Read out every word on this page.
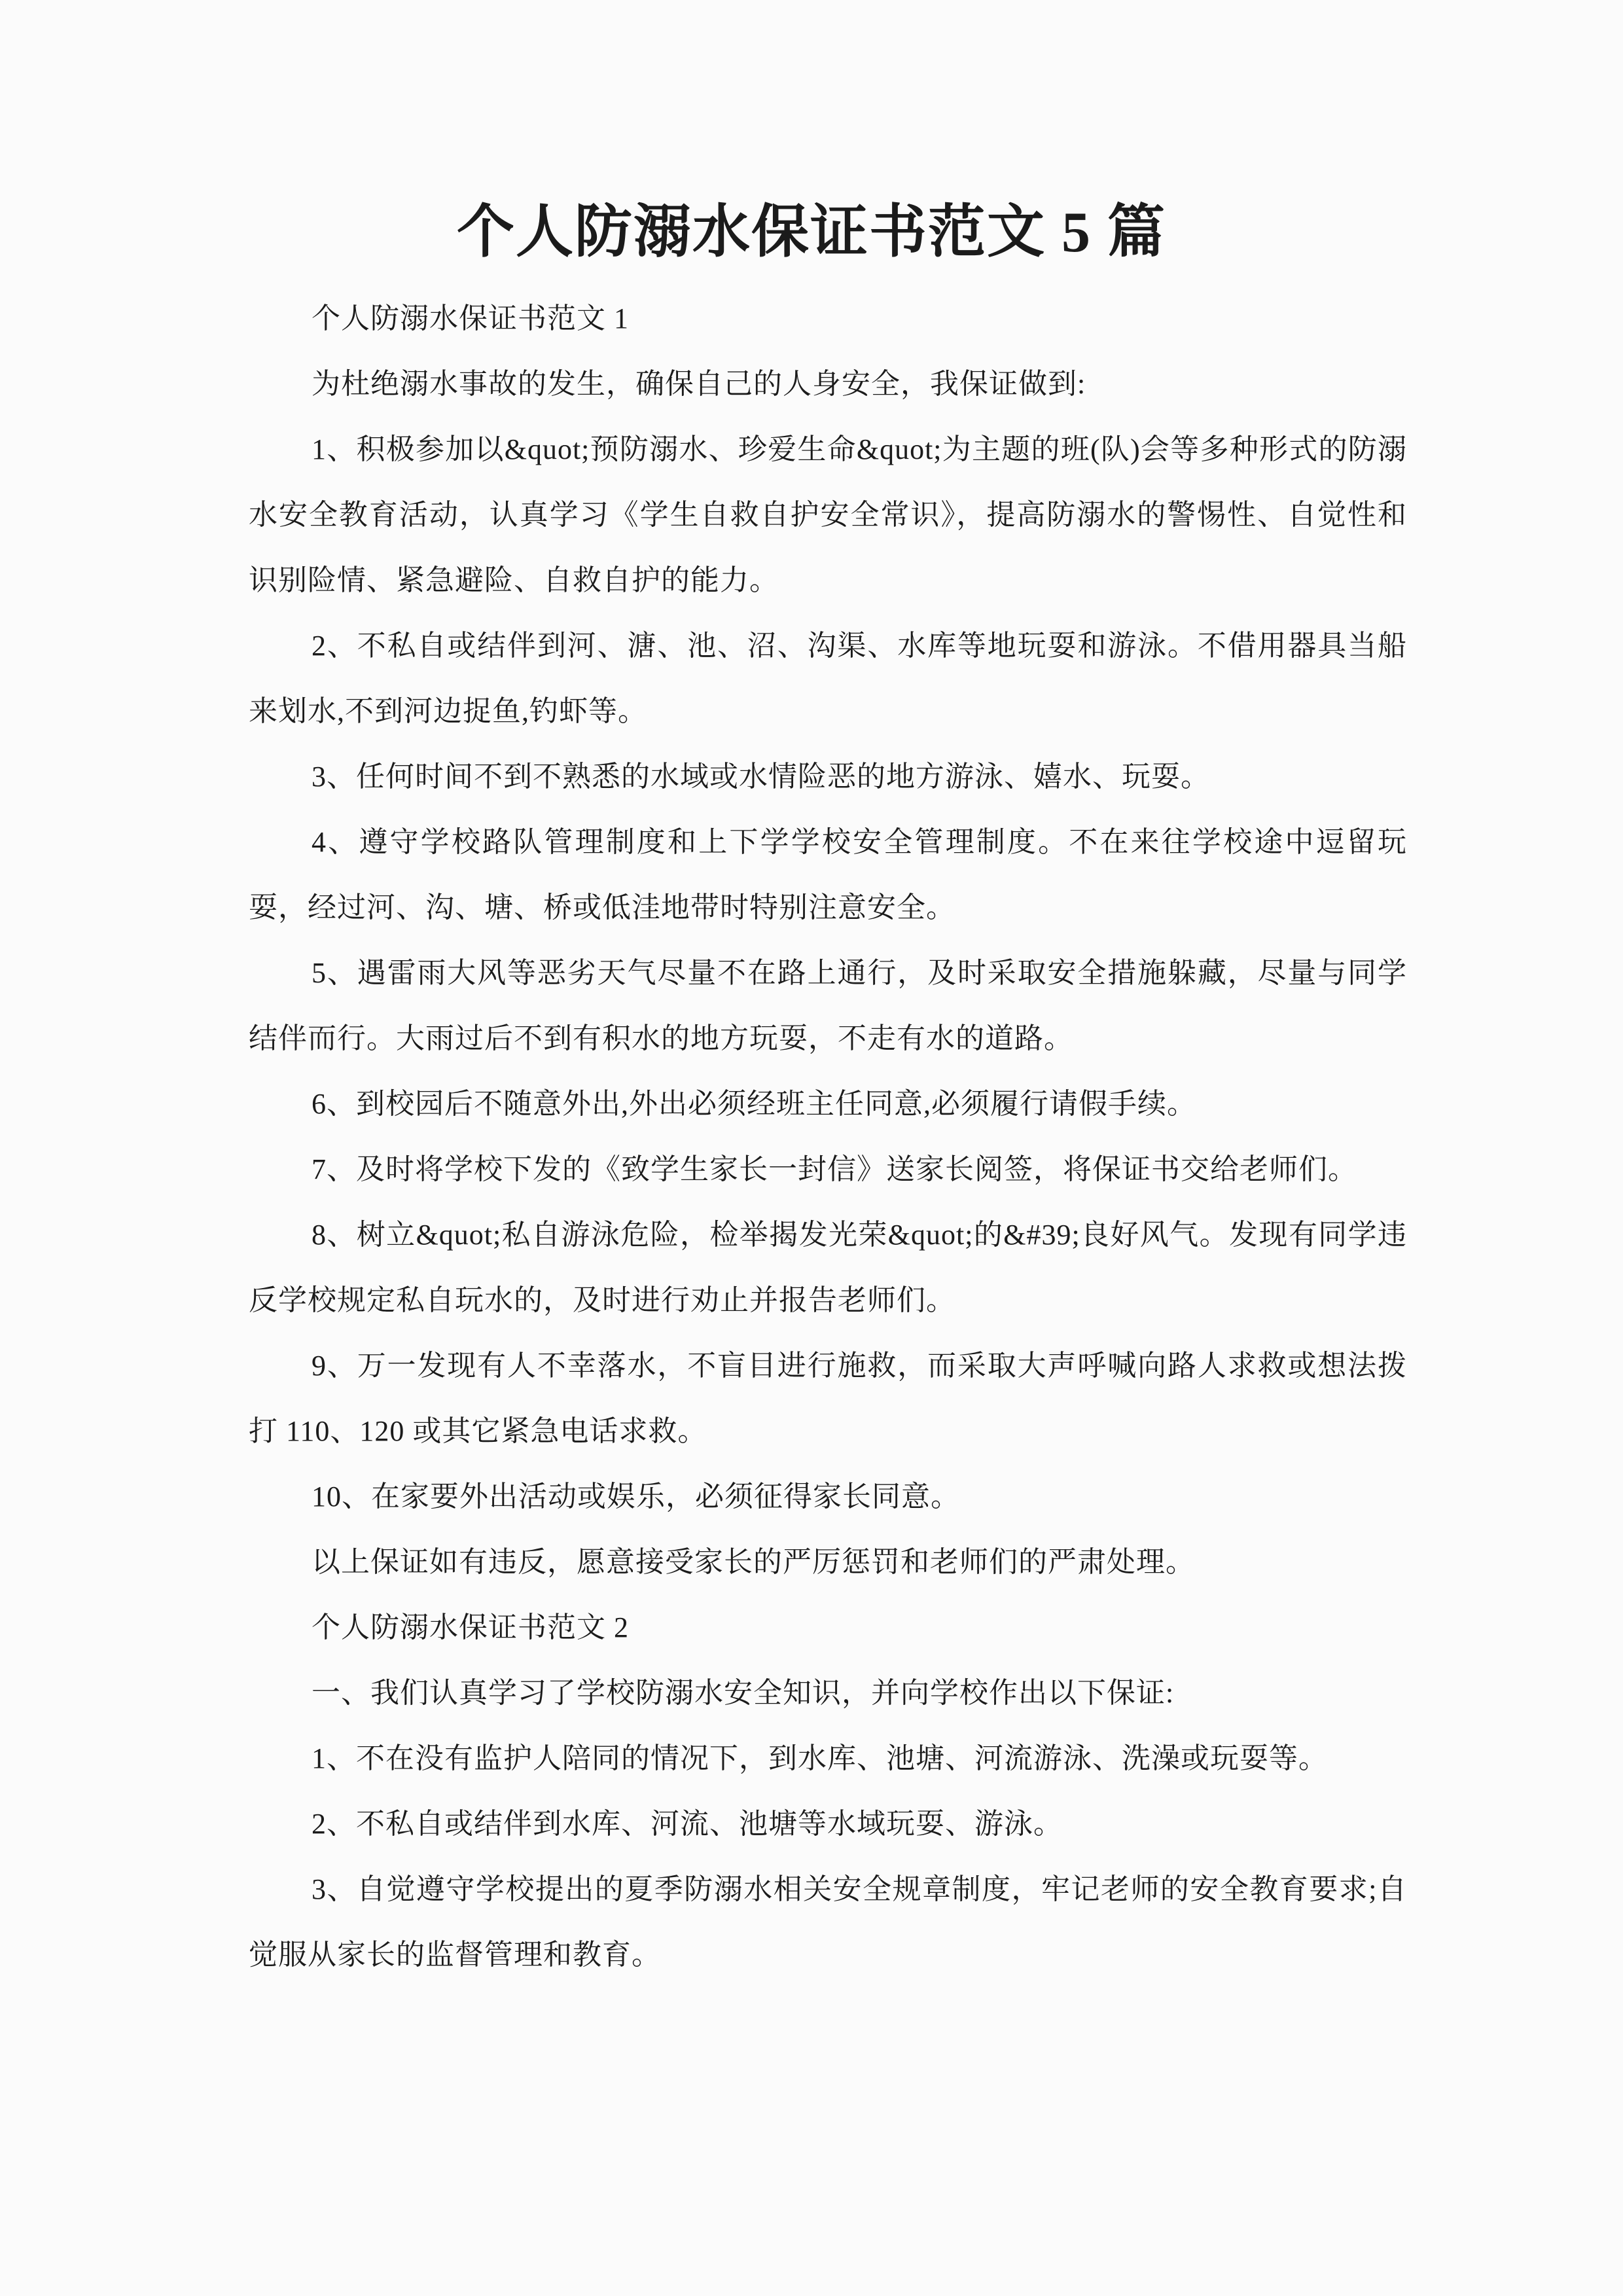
个人防溺水保证书范文 5 篇

个人防溺水保证书范文 1

为杜绝溺水事故的发生，确保自己的人身安全，我保证做到:

1、积极参加以&quot;预防溺水、珍爱生命&quot;为主题的班(队)会等多种形式的防溺水安全教育活动，认真学习《学生自救自护安全常识》，提高防溺水的警惕性、自觉性和识别险情、紧急避险、自救自护的能力。

2、不私自或结伴到河、溏、池、沼、沟渠、水库等地玩耍和游泳。不借用器具当船来划水,不到河边捉鱼,钓虾等。

3、任何时间不到不熟悉的水域或水情险恶的地方游泳、嬉水、玩耍。

4、遵守学校路队管理制度和上下学学校安全管理制度。不在来往学校途中逗留玩耍，经过河、沟、塘、桥或低洼地带时特别注意安全。

5、遇雷雨大风等恶劣天气尽量不在路上通行，及时采取安全措施躲藏，尽量与同学结伴而行。大雨过后不到有积水的地方玩耍，不走有水的道路。

6、到校园后不随意外出,外出必须经班主任同意,必须履行请假手续。

7、及时将学校下发的《致学生家长一封信》送家长阅签，将保证书交给老师们。

8、树立&quot;私自游泳危险，检举揭发光荣&quot;的&#39;良好风气。发现有同学违反学校规定私自玩水的，及时进行劝止并报告老师们。

9、万一发现有人不幸落水，不盲目进行施救，而采取大声呼喊向路人求救或想法拨打 110、120 或其它紧急电话求救。

10、在家要外出活动或娱乐，必须征得家长同意。

以上保证如有违反，愿意接受家长的严厉惩罚和老师们的严肃处理。

个人防溺水保证书范文 2

一、我们认真学习了学校防溺水安全知识，并向学校作出以下保证:

1、不在没有监护人陪同的情况下，到水库、池塘、河流游泳、洗澡或玩耍等。

2、不私自或结伴到水库、河流、池塘等水域玩耍、游泳。

3、自觉遵守学校提出的夏季防溺水相关安全规章制度，牢记老师的安全教育要求;自觉服从家长的监督管理和教育。
